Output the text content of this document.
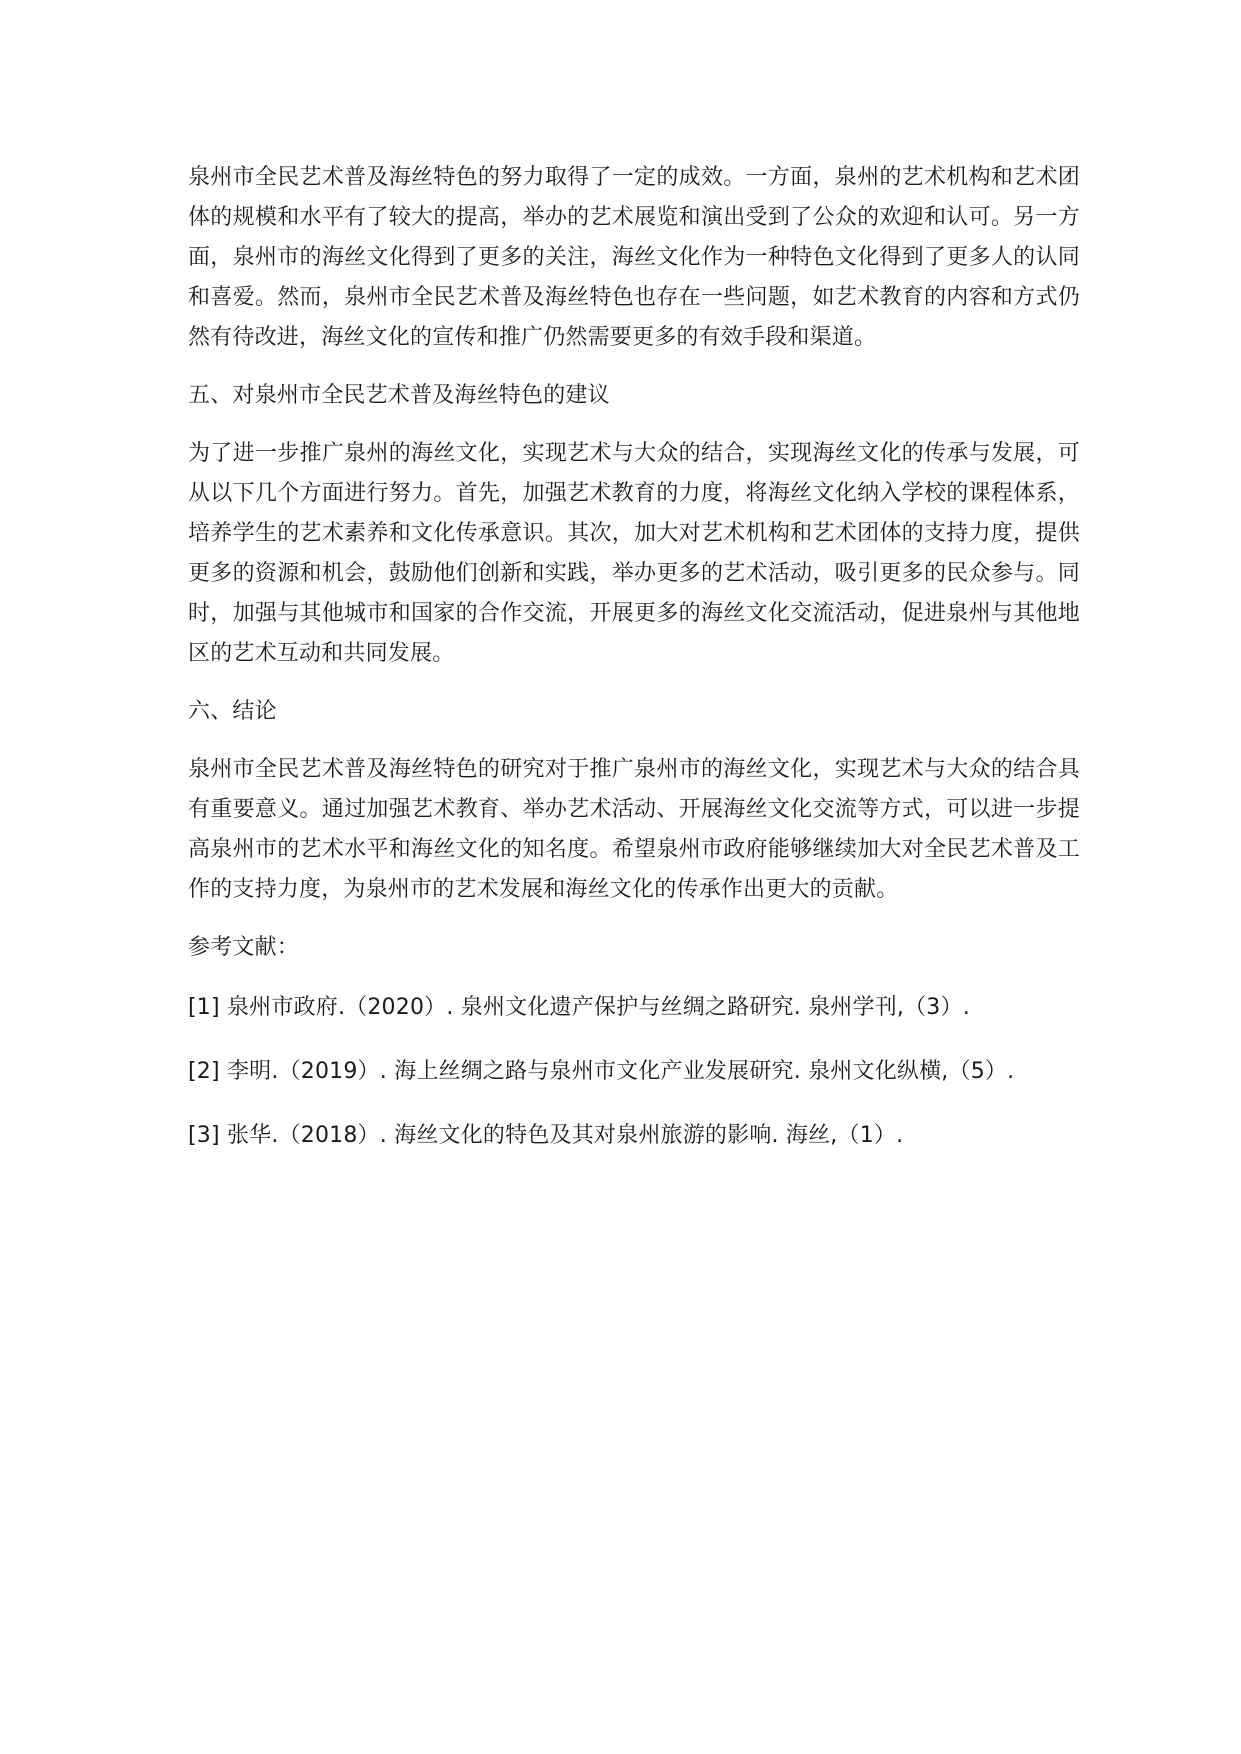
泉州市全民艺术普及海丝特色的努力取得了一定的成效。一方面，泉州的艺术机构和艺术团体的规模和水平有了较大的提高，举办的艺术展览和演出受到了公众的欢迎和认可。另一方面，泉州市的海丝文化得到了更多的关注，海丝文化作为一种特色文化得到了更多人的认同和喜爱。然而，泉州市全民艺术普及海丝特色也存在一些问题，如艺术教育的内容和方式仍然有待改进，海丝文化的宣传和推广仍然需要更多的有效手段和渠道。

五、对泉州市全民艺术普及海丝特色的建议

为了进一步推广泉州的海丝文化，实现艺术与大众的结合，实现海丝文化的传承与发展，可从以下几个方面进行努力。首先，加强艺术教育的力度，将海丝文化纳入学校的课程体系，培养学生的艺术素养和文化传承意识。其次，加大对艺术机构和艺术团体的支持力度，提供更多的资源和机会，鼓励他们创新和实践，举办更多的艺术活动，吸引更多的民众参与。同时，加强与其他城市和国家的合作交流，开展更多的海丝文化交流活动，促进泉州与其他地区的艺术互动和共同发展。

六、结论

泉州市全民艺术普及海丝特色的研究对于推广泉州市的海丝文化，实现艺术与大众的结合具有重要意义。通过加强艺术教育、举办艺术活动、开展海丝文化交流等方式，可以进一步提高泉州市的艺术水平和海丝文化的知名度。希望泉州市政府能够继续加大对全民艺术普及工作的支持力度，为泉州市的艺术发展和海丝文化的传承作出更大的贡献。

参考文献：

[1] 泉州市政府.（2020）. 泉州文化遗产保护与丝绸之路研究. 泉州学刊,（3）.

[2] 李明.（2019）. 海上丝绸之路与泉州市文化产业发展研究. 泉州文化纵横,（5）.

[3] 张华.（2018）. 海丝文化的特色及其对泉州旅游的影响. 海丝,（1）.
